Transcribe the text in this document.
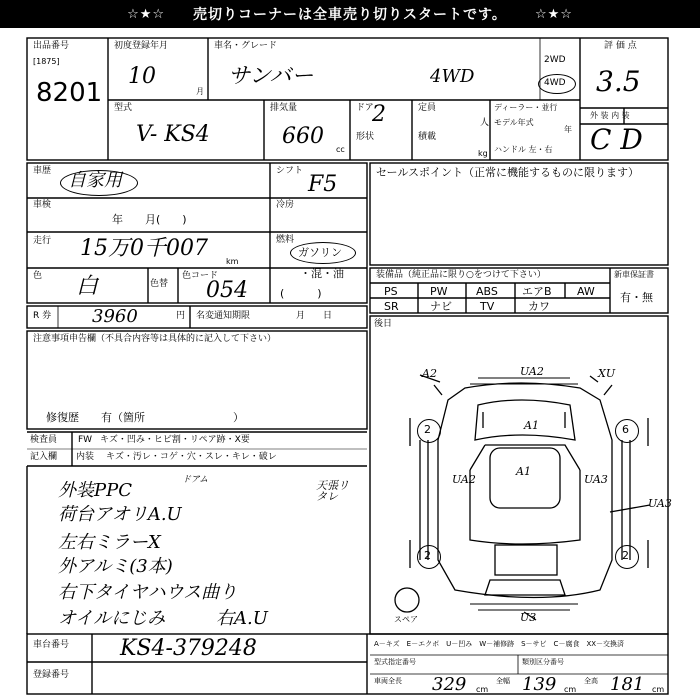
☆★☆ 売切りコーナーは全車売り切りスタートです。 ☆★☆
出品番号
[1875]
8201
初度登録年月
10
月
車名・グレード
サンバー	4WD
2WD
4WD
評 価 点
3.5
外 装 内 装
C D
型式
V- KS4
排気量
660
cc
ドア
2
形状
定員
人
積載
kg
ディーラー・並行
モデル年式
年
ハンドル 左・右
車歴 自家用
車検
年　　月(　　)
走行 15万0千007
km
色 白	色替
色コード
054
シフト
F5
冷房
燃料
ガソリン
・混・油
(　　　)
セールスポイント（正常に機能するものに限ります）
装備品（純正品に限り○をつけて下さい）	新車保証書
有・無
PS	PW	ABS エアB AW
SR	ナビ	TV	カワ
R 券 3960	円 名変通知期限	月　　日
後日
注意事項申告欄（不具合内容等は具体的に記入して下さい）
修復歴　　有（箇所　　　　　　　　）
検査員
記入欄
FW キズ・凹み・ヒビ割・リペア跡・X要
内装 キズ・汚レ・コゲ・穴・スレ・キレ・破レ
外装PPC	ドアム	天張リタレ
荷台アオリA.U
左右ミラーX
外アルミ(3本)
右下タイヤハウス曲り
オイルにじみ	右A.U
A2	UA2	XU
A1
A1
UA2	UA3
UA3
U3
2	6
2	2
スペア
車台番号 KS4-379248
登録番号
A－キズ　E－エクボ　U－凹み　W－補修跡　S－サビ　C－腐食　XX－交換済
型式指定番号	類別区分番号
車両全長 329 cm
全幅 139 cm
全高 181 cm
